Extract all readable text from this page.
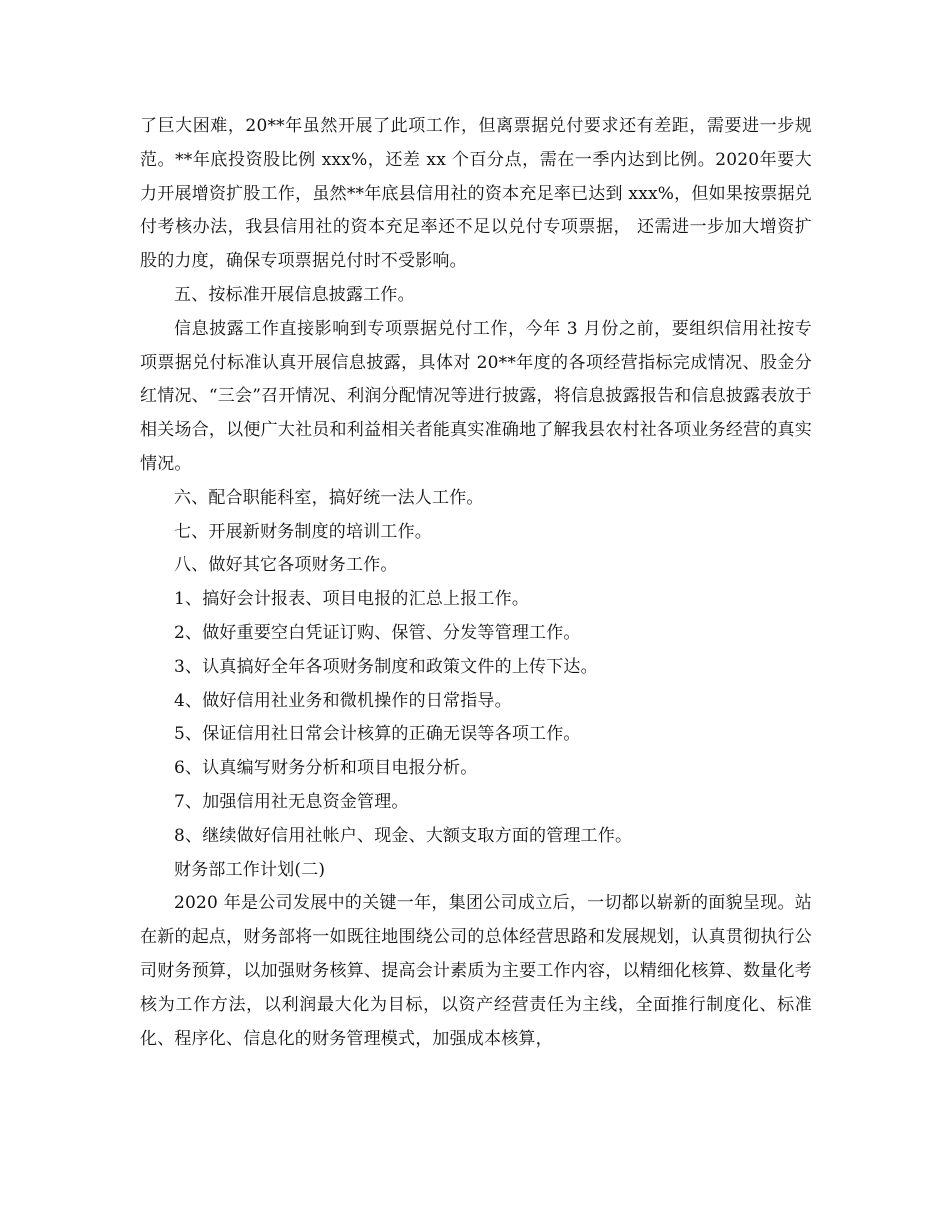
了巨大困难，20**年虽然开展了此项工作，但离票据兑付要求还有差距，需要进一步规范。**年底投资股比例 xxx%，还差 xx 个百分点，需在一季内达到比例。2020年要大力开展增资扩股工作，虽然**年底县信用社的资本充足率已达到 xxx%，但如果按票据兑付考核办法，我县信用社的资本充足率还不足以兑付专项票据， 还需进一步加大增资扩股的力度，确保专项票据兑付时不受影响。

五、按标准开展信息披露工作。

信息披露工作直接影响到专项票据兑付工作，今年 3 月份之前，要组织信用社按专项票据兑付标准认真开展信息披露，具体对 20**年度的各项经营指标完成情况、股金分红情况、“三会”召开情况、利润分配情况等进行披露，将信息披露报告和信息披露表放于相关场合，以便广大社员和利益相关者能真实准确地了解我县农村社各项业务经营的真实情况。

六、配合职能科室，搞好统一法人工作。

七、开展新财务制度的培训工作。

八、做好其它各项财务工作。

1、搞好会计报表、项目电报的汇总上报工作。

2、做好重要空白凭证订购、保管、分发等管理工作。

3、认真搞好全年各项财务制度和政策文件的上传下达。

4、做好信用社业务和微机操作的日常指导。

5、保证信用社日常会计核算的正确无误等各项工作。

6、认真编写财务分析和项目电报分析。

7、加强信用社无息资金管理。

8、继续做好信用社帐户、现金、大额支取方面的管理工作。

财务部工作计划(二)

2020 年是公司发展中的关键一年，集团公司成立后，一切都以崭新的面貌呈现。站在新的起点，财务部将一如既往地围绕公司的总体经营思路和发展规划，认真贯彻执行公司财务预算，以加强财务核算、提高会计素质为主要工作内容，以精细化核算、数量化考核为工作方法，以利润最大化为目标，以资产经营责任为主线，全面推行制度化、标准化、程序化、信息化的财务管理模式，加强成本核算，
